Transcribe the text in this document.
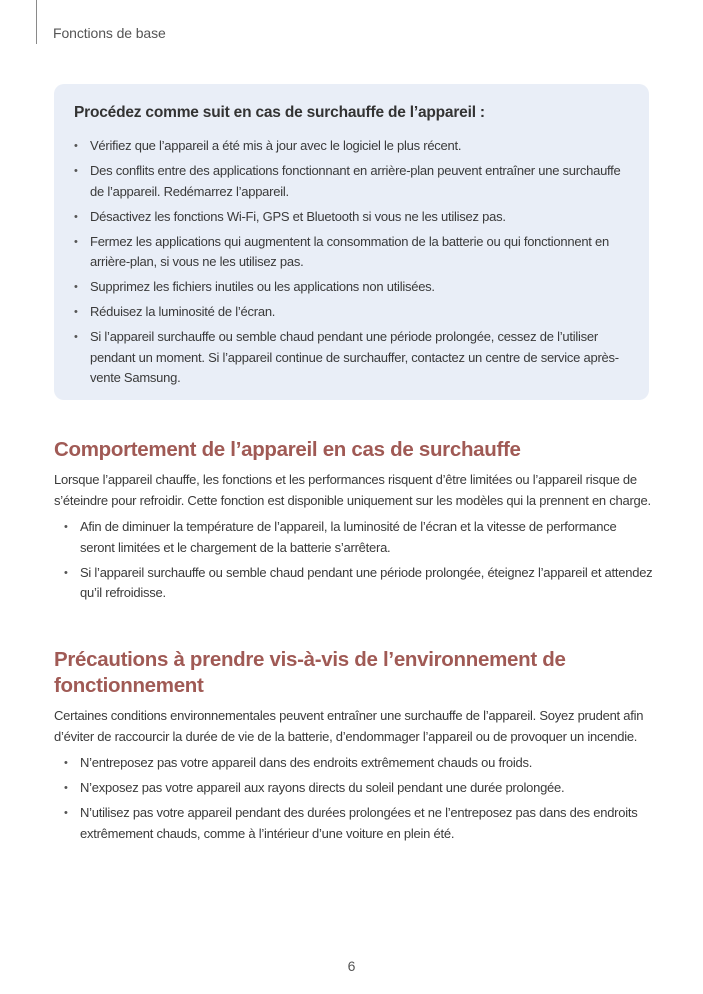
Fonctions de base
Procédez comme suit en cas de surchauffe de l’appareil :
• Vérifiez que l’appareil a été mis à jour avec le logiciel le plus récent.
• Des conflits entre des applications fonctionnant en arrière-plan peuvent entraîner une surchauffe de l’appareil. Redémarrez l’appareil.
• Désactivez les fonctions Wi-Fi, GPS et Bluetooth si vous ne les utilisez pas.
• Fermez les applications qui augmentent la consommation de la batterie ou qui fonctionnent en arrière-plan, si vous ne les utilisez pas.
• Supprimez les fichiers inutiles ou les applications non utilisées.
• Réduisez la luminosité de l’écran.
• Si l’appareil surchauffe ou semble chaud pendant une période prolongée, cessez de l’utiliser pendant un moment. Si l’appareil continue de surchauffer, contactez un centre de service après-vente Samsung.
Comportement de l’appareil en cas de surchauffe

Lorsque l’appareil chauffe, les fonctions et les performances risquent d’être limitées ou l’appareil risque de s’éteindre pour refroidir. Cette fonction est disponible uniquement sur les modèles qui la prennent en charge.

• Afin de diminuer la température de l’appareil, la luminosité de l’écran et la vitesse de performance seront limitées et le chargement de la batterie s’arrêtera.
• Si l’appareil surchauffe ou semble chaud pendant une période prolongée, éteignez l’appareil et attendez qu’il refroidisse.
Précautions à prendre vis-à-vis de l’environnement de fonctionnement

Certaines conditions environnementales peuvent entraîner une surchauffe de l’appareil. Soyez prudent afin d’éviter de raccourcir la durée de vie de la batterie, d’endommager l’appareil ou de provoquer un incendie.

• N’entreposez pas votre appareil dans des endroits extrêmement chauds ou froids.
• N’exposez pas votre appareil aux rayons directs du soleil pendant une durée prolongée.
• N’utilisez pas votre appareil pendant des durées prolongées et ne l’entreposez pas dans des endroits extrêmement chauds, comme à l’intérieur d’une voiture en plein été.
6
